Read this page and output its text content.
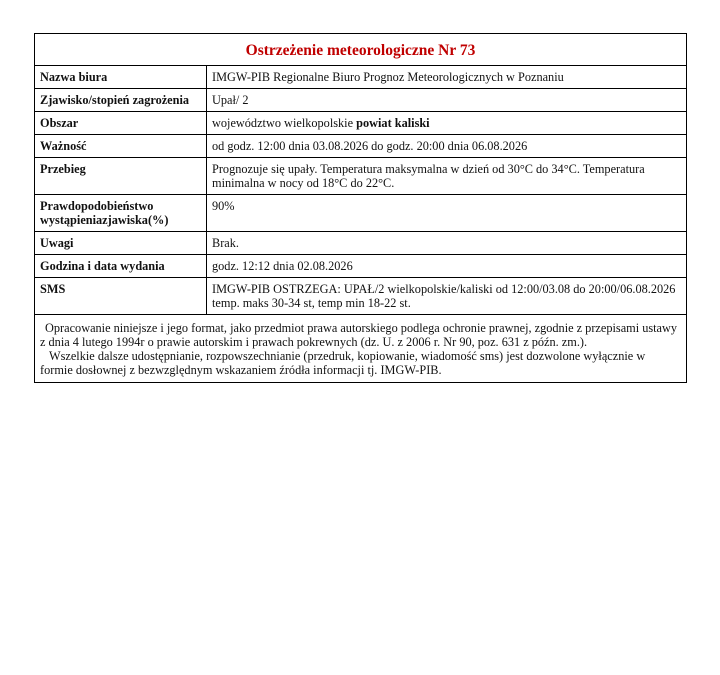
Ostrzeżenie meteorologiczne Nr 73	
Nazwa biura	IMGW-PIB Regionalne Biuro Prognoz Meteorologicznych w Poznaniu
Zjawisko/stopień zagrożenia	Upał/ 2
Obszar	województwo wielkopolskie powiat kaliski
Ważność	od godz. 12:00 dnia 03.08.2026 do godz. 20:00 dnia 06.08.2026
Przebieg	Prognozuje się upały. Temperatura maksymalna w dzień od 30°C do 34°C. Temperatura minimalna w nocy od 18°C do 22°C.
Prawdopodobieństwo wystąpieniazjawiska(%)	90%
Uwagi	Brak.
Godzina i data wydania	godz. 12:12 dnia 02.08.2026
SMS	IMGW-PIB OSTRZEGA: UPAŁ/2 wielkopolskie/kaliski od 12:00/03.08 do 20:00/06.08.2026 temp. maks 30-34 st, temp min 18-22 st.

Opracowanie niniejsze i jego format, jako przedmiot prawa autorskiego podlega ochronie prawnej, zgodnie z przepisami ustawy z dnia 4 lutego 1994r o prawie autorskim i prawach pokrewnych (dz. U. z 2006 r. Nr 90, poz. 631 z późn. zm.).
Wszelkie dalsze udostępnianie, rozpowszechnianie (przedruk, kopiowanie, wiadomość sms) jest dozwolone wyłącznie w formie dosłownej z bezwzględnym wskazaniem źródła informacji tj. IMGW-PIB.	
